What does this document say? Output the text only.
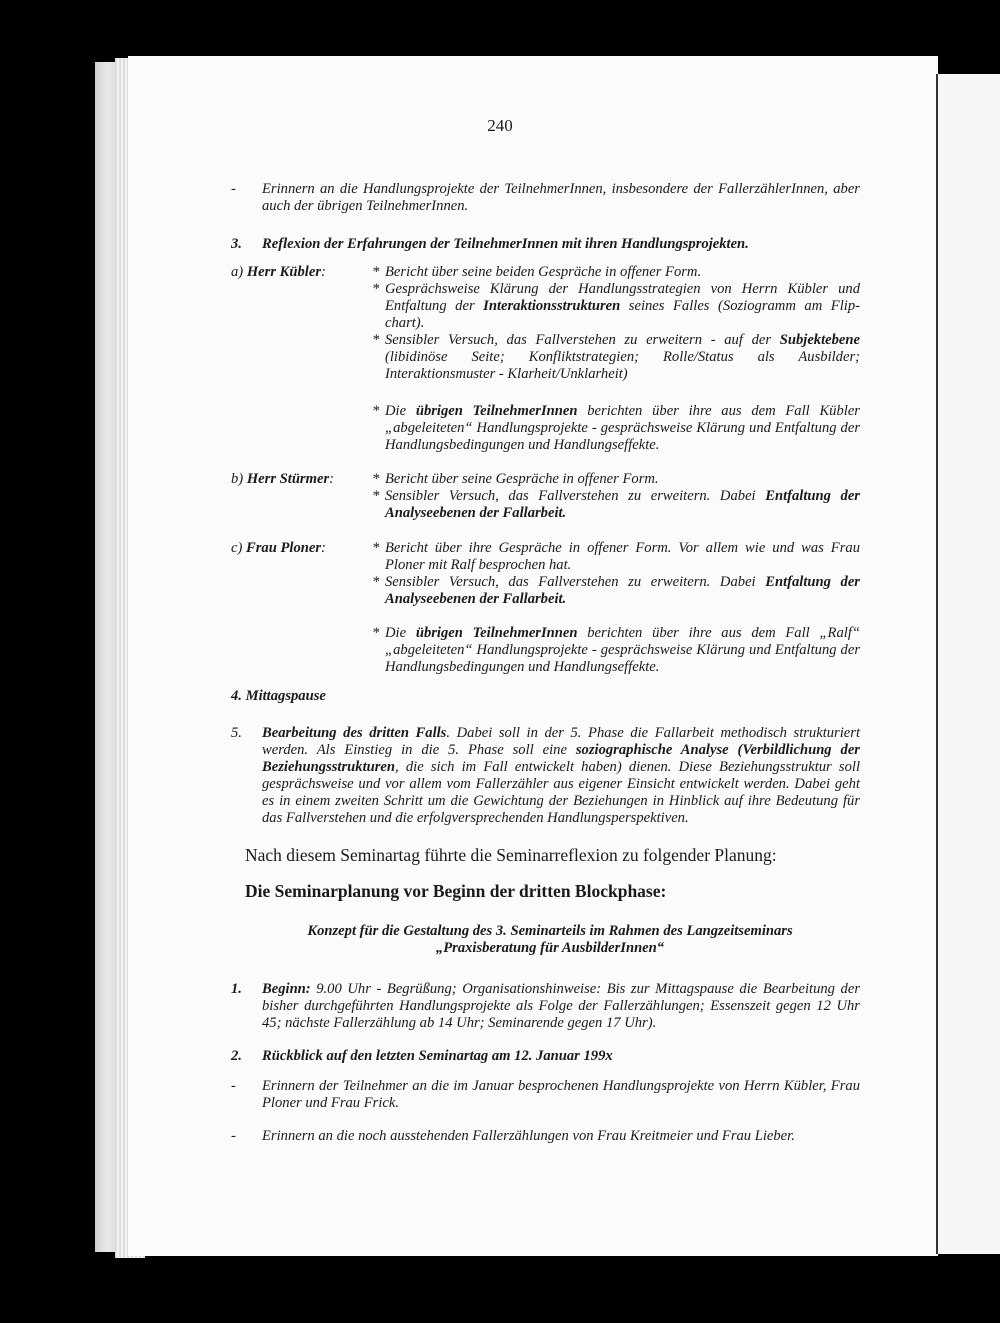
240
- Erinnern an die Handlungsprojekte der TeilnehmerInnen, insbesondere der FallerzählerInnen, aber auch der übrigen TeilnehmerInnen.
3. Reflexion der Erfahrungen der TeilnehmerInnen mit ihren Handlungsprojekten.
a) Herr Kübler:	* Bericht über seine beiden Gespräche in offener Form.
* Gesprächsweise Klärung der Handlungsstrategien von Herrn Kübler und Entfaltung der Interaktionsstrukturen seines Falles (Soziogramm am Flip-chart).
* Sensibler Versuch, das Fallverstehen zu erweitern - auf der Subjektebene (libidinöse Seite; Konfliktstrategien; Rolle/Status als Ausbilder; Interaktionsmuster - Klarheit/Unklarheit)
* Die übrigen TeilnehmerInnen berichten über ihre aus dem Fall Kübler „abgeleiteten“ Handlungsprojekte - gesprächsweise Klärung und Entfaltung der Handlungsbedingungen und Handlungseffekte.
b) Herr Stürmer:	* Bericht über seine Gespräche in offener Form.
* Sensibler Versuch, das Fallverstehen zu erweitern. Dabei Entfaltung der Analyseebenen der Fallarbeit.
c) Frau Ploner:	* Bericht über ihre Gespräche in offener Form. Vor allem wie und was Frau Ploner mit Ralf besprochen hat.
* Sensibler Versuch, das Fallverstehen zu erweitern. Dabei Entfaltung der Analyseebenen der Fallarbeit.
* Die übrigen TeilnehmerInnen berichten über ihre aus dem Fall „Ralf“ „abgeleiteten“ Handlungsprojekte - gesprächsweise Klärung und Entfaltung der Handlungsbedingungen und Handlungseffekte.
4. Mittagspause
5. Bearbeitung des dritten Falls. Dabei soll in der 5. Phase die Fallarbeit methodisch strukturiert werden. Als Einstieg in die 5. Phase soll eine soziographische Analyse (Verbildlichung der Beziehungsstrukturen, die sich im Fall entwickelt haben) dienen. Diese Beziehungsstruktur soll gesprächsweise und vor allem vom Fallerzähler aus eigener Einsicht entwickelt werden. Dabei geht es in einem zweiten Schritt um die Gewichtung der Beziehungen in Hinblick auf ihre Bedeutung für das Fallverstehen und die erfolgversprechenden Handlungsperspektiven.
Nach diesem Seminartag führte die Seminarreflexion zu folgender Planung:
Die Seminarplanung vor Beginn der dritten Blockphase:
Konzept für die Gestaltung des 3. Seminarteils im Rahmen des Langzeitseminars
„Praxisberatung für AusbilderInnen“
1. Beginn: 9.00 Uhr - Begrüßung; Organisationshinweise: Bis zur Mittagspause die Bearbeitung der bisher durchgeführten Handlungsprojekte als Folge der Fallerzählungen; Essenszeit gegen 12 Uhr 45; nächste Fallerzählung ab 14 Uhr; Seminarende gegen 17 Uhr).
2. Rückblick auf den letzten Seminartag am 12. Januar 199x
- Erinnern der Teilnehmer an die im Januar besprochenen Handlungsprojekte von Herrn Kübler, Frau Ploner und Frau Frick.
- Erinnern an die noch ausstehenden Fallerzählungen von Frau Kreitmeier und Frau Lieber.
